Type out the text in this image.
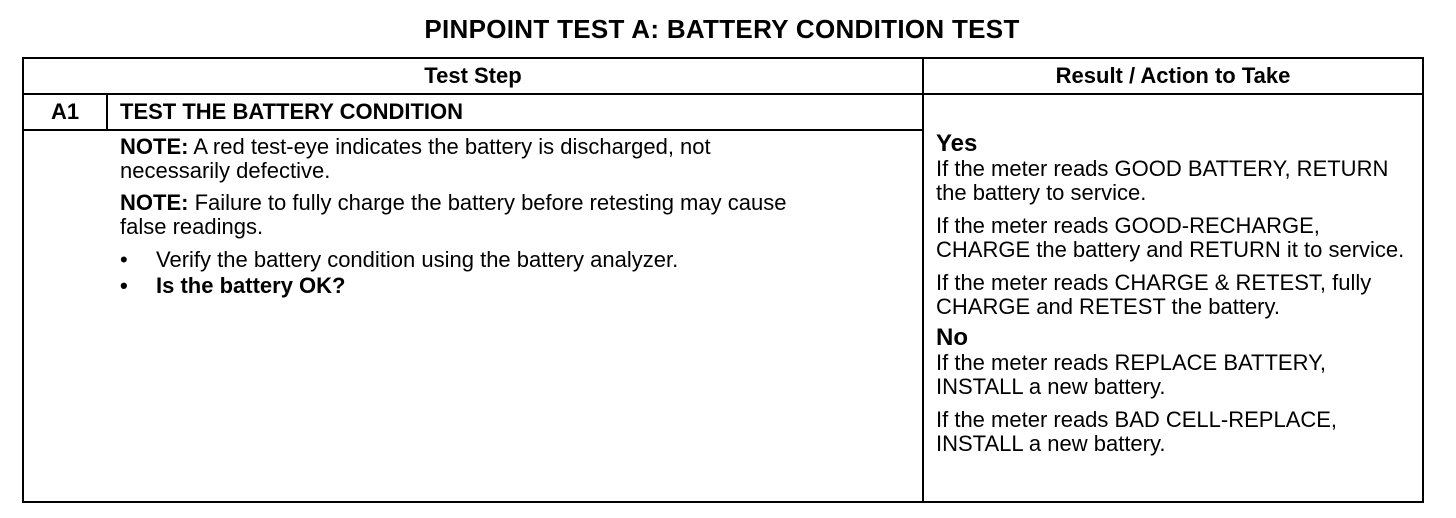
PINPOINT TEST A: BATTERY CONDITION TEST
Test Step	Result / Action to Take
A1	TEST THE BATTERY CONDITION

NOTE: A red test-eye indicates the battery is discharged, not necessarily defective.

NOTE: Failure to fully charge the battery before retesting may cause false readings.

•	Verify the battery condition using the battery analyzer.
•	Is the battery OK?
Yes

If the meter reads GOOD BATTERY, RETURN the battery to service.

If the meter reads GOOD-RECHARGE, CHARGE the battery and RETURN it to service.

If the meter reads CHARGE & RETEST, fully CHARGE and RETEST the battery.

No

If the meter reads REPLACE BATTERY, INSTALL a new battery.

If the meter reads BAD CELL-REPLACE, INSTALL a new battery.
